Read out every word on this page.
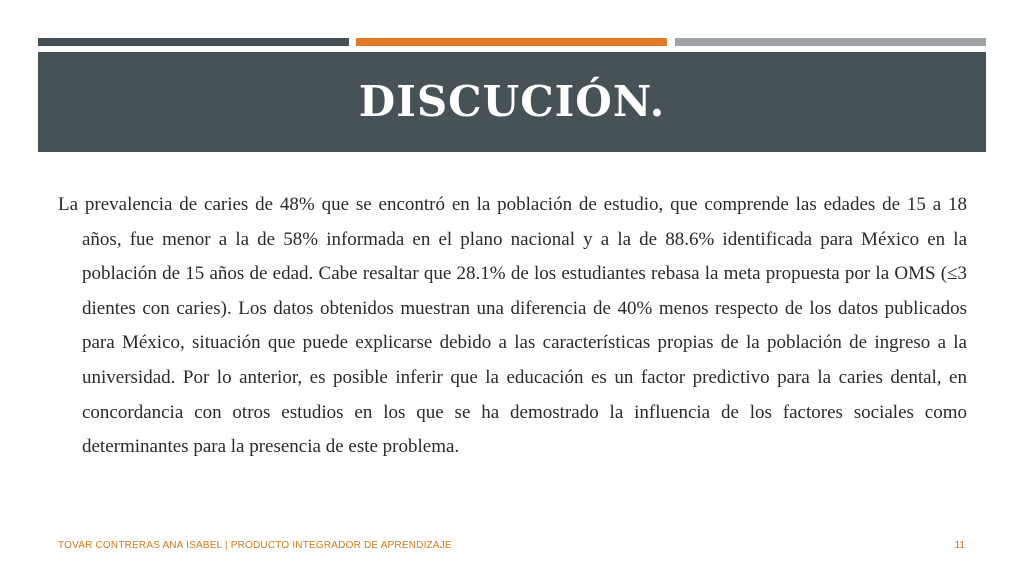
DISCUCIÓN.

La prevalencia de caries de 48% que se encontró en la población de estudio, que comprende las edades de 15 a 18 años, fue menor a la de 58% informada en el plano nacional y a la de 88.6% identificada para México en la población de 15 años de edad. Cabe resaltar que 28.1% de los estudiantes rebasa la meta propuesta por la OMS (≤3 dientes con caries). Los datos obtenidos muestran una diferencia de 40% menos respecto de los datos publicados para México, situación que puede explicarse debido a las características propias de la población de ingreso a la universidad. Por lo anterior, es posible inferir que la educación es un factor predictivo para la caries dental, en concordancia con otros estudios en los que se ha demostrado la influencia de los factores sociales como determinantes para la presencia de este problema.

TOVAR CONTRERAS ANA ISABEL | PRODUCTO INTEGRADOR DE APRENDIZAJE	11
